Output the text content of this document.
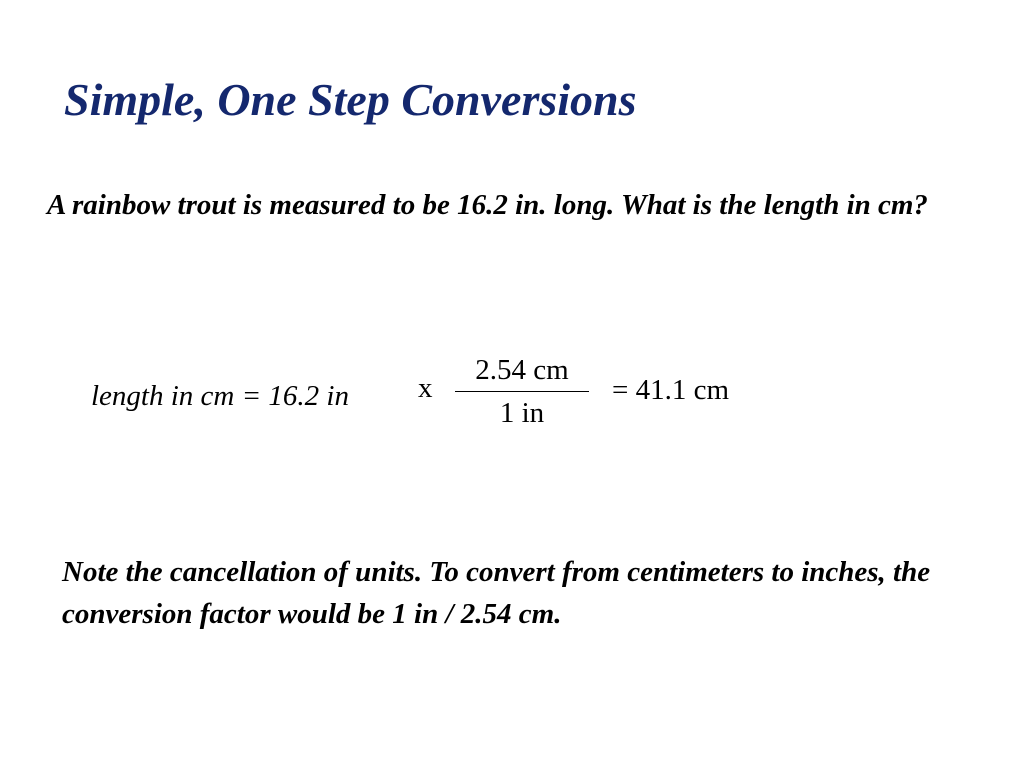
Simple, One Step Conversions

A rainbow trout is measured to be 16.2 in. long. What is the length in cm?

length in cm = 16.2 in x
2.54 cm
1 in
= 41.1 cm

Note the cancellation of units. To convert from centimeters to inches, the conversion factor would be 1 in / 2.54 cm.
